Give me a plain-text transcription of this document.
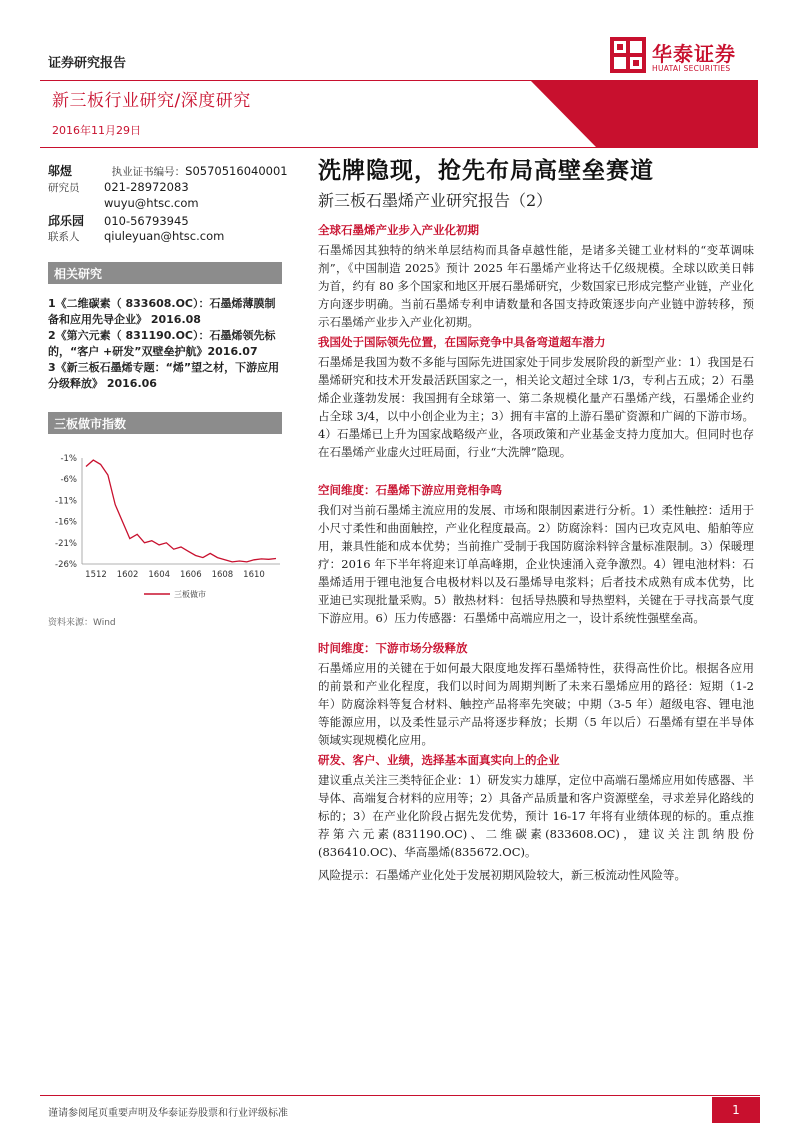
证券研究报告
新三板行业研究/深度研究
2016年11月29日
华泰证券
HUATAI SECURITIES
邬煜	执业证书编号：S0570516040001
研究员 021-28972083
wuyu@htsc.com
邱乐园 010-56793945
联系人 qiuleyuan@htsc.com
相关研究

1《二维碳素（ 833608.OC）：石墨烯薄膜制备和应用先导企业》 2016.08

2《第六元素（ 831190.OC）：石墨烯领先标的，“客户 +研发”双壁垒护航》2016.07

3《新三板石墨烯专题：“烯”望之材，下游应用分级释放》 2016.06

三板做市指数
-1%
-6%
-11%
-16%
-21%
-26%
1512 1602 1604 1606 1608 1610
三板做市
资料来源：Wind
洗牌隐现，抢先布局高壁垒赛道
新三板石墨烯产业研究报告（2）
全球石墨烯产业步入产业化初期

石墨烯因其独特的纳米单层结构而具备卓越性能，是诸多关键工业材料的“变革调味剂”，《中国制造 2025》预计 2025 年石墨烯产业将达千亿级规模。全球以欧美日韩为首，约有 80 多个国家和地区开展石墨烯研究，少数国家已形成完整产业链，产业化方向逐步明确。当前石墨烯专利申请数量和各国支持政策逐步向产业链中游转移，预示石墨烯产业步入产业化初期。

我国处于国际领先位置，在国际竞争中具备弯道超车潜力

石墨烯是我国为数不多能与国际先进国家处于同步发展阶段的新型产业：1）我国是石墨烯研究和技术开发最活跃国家之一，相关论文超过全球 1/3，专利占五成；2）石墨烯企业蓬勃发展：我国拥有全球第一、第二条规模化量产石墨烯产线，石墨烯企业约占全球 3/4，以中小创企业为主；3）拥有丰富的上游石墨矿资源和广阔的下游市场。4）石墨烯已上升为国家战略级产业，各项政策和产业基金支持力度加大。但同时也存在石墨烯产业虚火过旺局面，行业“大洗牌”隐现。

空间维度：石墨烯下游应用竞相争鸣

我们对当前石墨烯主流应用的发展、市场和限制因素进行分析。1）柔性触控：适用于小尺寸柔性和曲面触控，产业化程度最高。2）防腐涂料：国内已攻克风电、船舶等应用，兼具性能和成本优势；当前推广受制于我国防腐涂料锌含量标准限制。3）保暖理疗：2016 年下半年将迎来订单高峰期，企业快速涌入竞争激烈。4）锂电池材料：石墨烯适用于锂电池复合电极材料以及石墨烯导电浆料；后者技术成熟有成本优势，比亚迪已实现批量采购。5）散热材料：包括导热膜和导热塑料，关键在于寻找高景气度下游应用。6）压力传感器：石墨烯中高端应用之一，设计系统性强壁垒高。

时间维度：下游市场分级释放

石墨烯应用的关键在于如何最大限度地发挥石墨烯特性，获得高性价比。根据各应用的前景和产业化程度，我们以时间为周期判断了未来石墨烯应用的路径：短期（1-2 年）防腐涂料等复合材料、触控产品将率先突破；中期（3-5 年）超级电容、锂电池等能源应用，以及柔性显示产品将逐步释放；长期（5 年以后）石墨烯有望在半导体领域实现规模化应用。

研发、客户、业绩，选择基本面真实向上的企业

建议重点关注三类特征企业：1）研发实力雄厚，定位中高端石墨烯应用如传感器、半导体、高端复合材料的应用等；2）具备产品质量和客户资源壁垒，寻求差异化路线的标的；3）在产业化阶段占据先发优势，预计 16-17 年将有业绩体现的标的。重点推荐第六元素(831190.OC)、二维碳素(833608.OC)，建议关注凯纳股份(836410.OC)、华高墨烯(835672.OC)。

风险提示：石墨烯产业化处于发展初期风险较大，新三板流动性风险等。
谨请参阅尾页重要声明及华泰证券股票和行业评级标准	1
